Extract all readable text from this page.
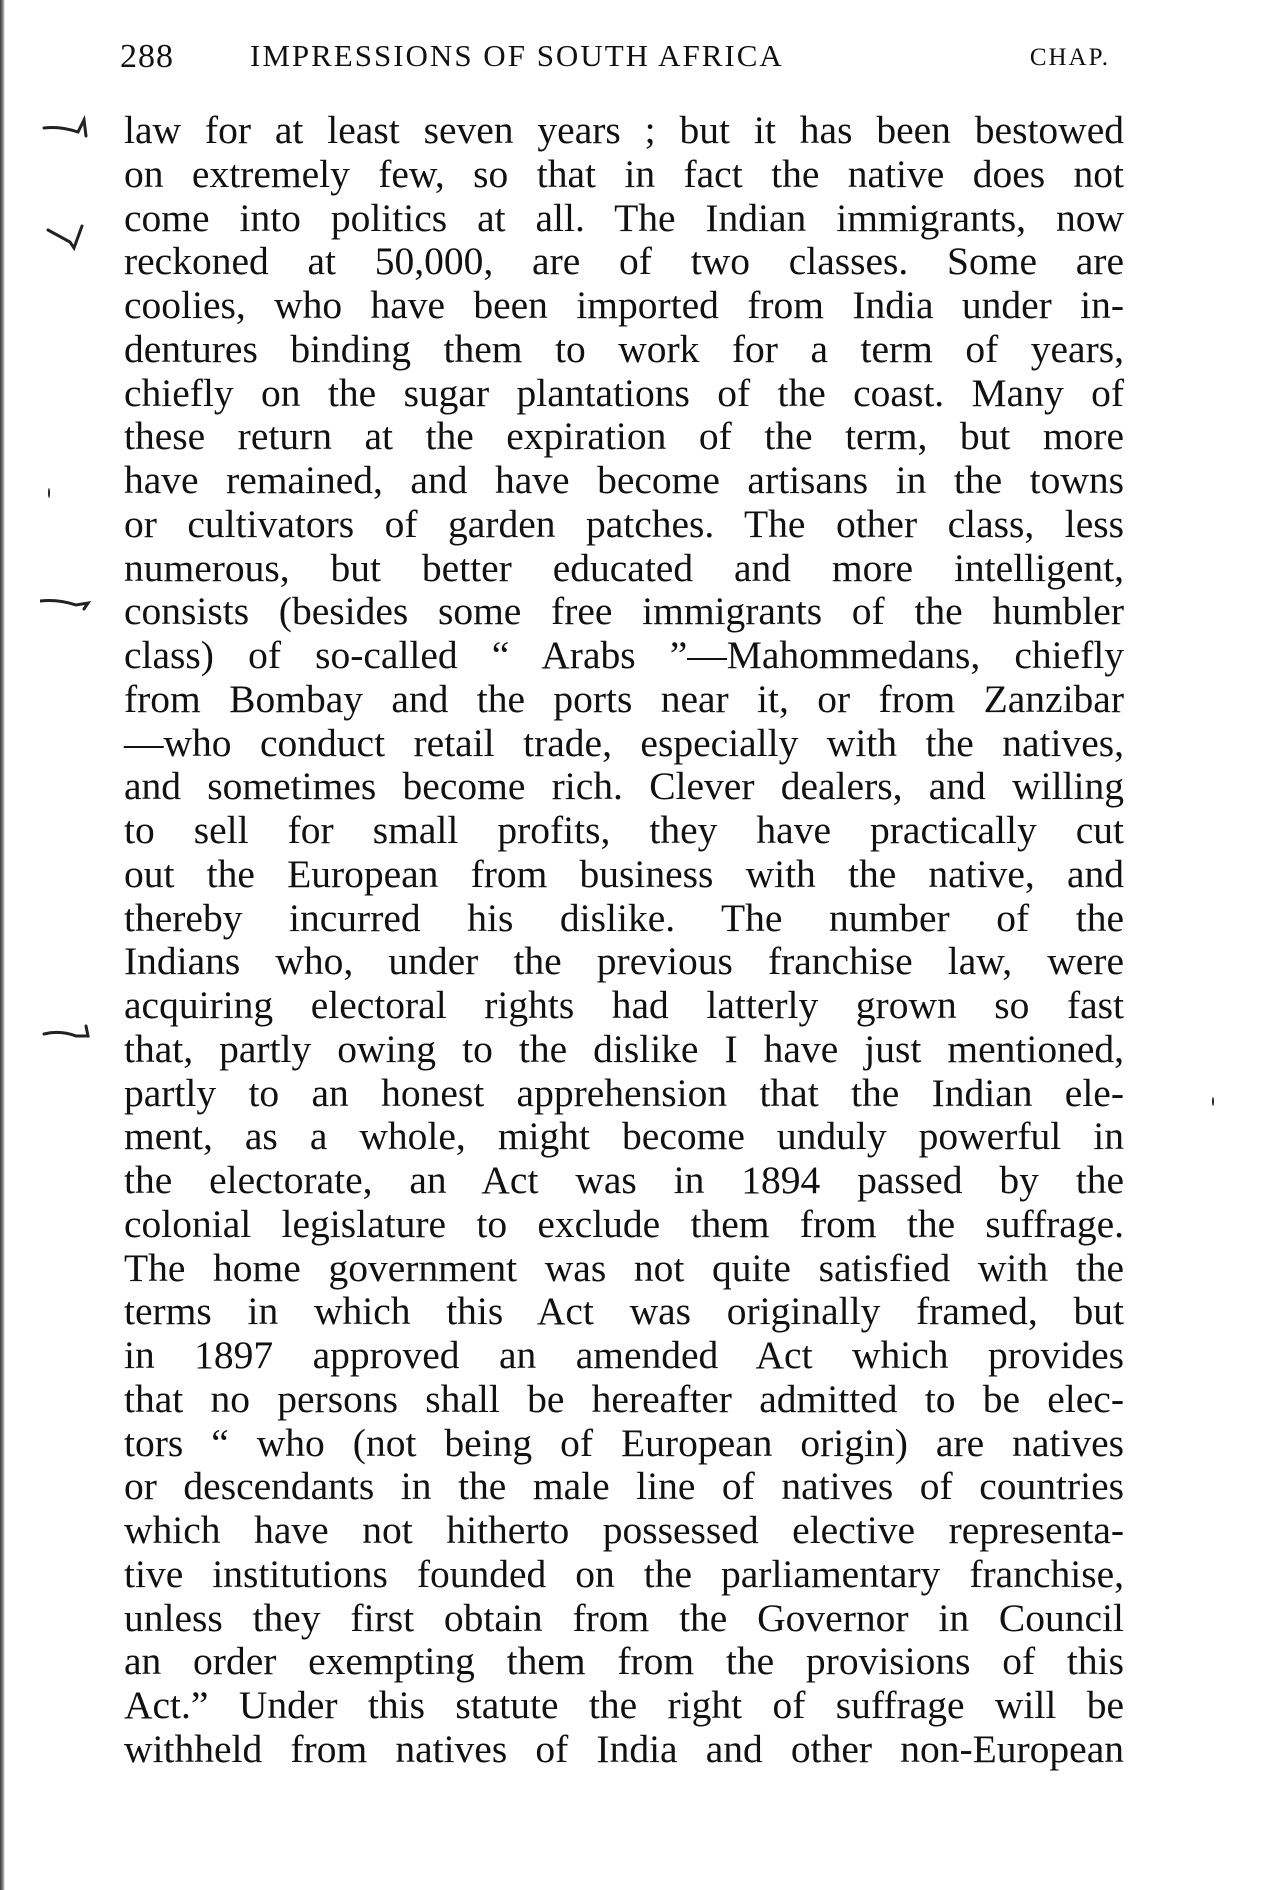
288 IMPRESSIONS OF SOUTH AFRICA	CHAP.
law for at least seven years ; but it has been bestowed
on extremely few, so that in fact the native does not
come into politics at all. The Indian immigrants, now
reckoned at 50,000, are of two classes. Some are
coolies, who have been imported from India under in-
dentures binding them to work for a term of years,
chiefly on the sugar plantations of the coast. Many of
these return at the expiration of the term, but more
have remained, and have become artisans in the towns
or cultivators of garden patches. The other class, less
numerous, but better educated and more intelligent,
consists (besides some free immigrants of the humbler
class) of so-called “ Arabs ”—Mahommedans, chiefly
from Bombay and the ports near it, or from Zanzibar
—who conduct retail trade, especially with the natives,
and sometimes become rich. Clever dealers, and willing
to sell for small profits, they have practically cut
out the European from business with the native, and
thereby incurred his dislike. The number of the
Indians who, under the previous franchise law, were
acquiring electoral rights had latterly grown so fast
that, partly owing to the dislike I have just mentioned,
partly to an honest apprehension that the Indian ele-
ment, as a whole, might become unduly powerful in
the electorate, an Act was in 1894 passed by the
colonial legislature to exclude them from the suffrage.
The home government was not quite satisfied with the
terms in which this Act was originally framed, but
in 1897 approved an amended Act which provides
that no persons shall be hereafter admitted to be elec-
tors “ who (not being of European origin) are natives
or descendants in the male line of natives of countries
which have not hitherto possessed elective representa-
tive institutions founded on the parliamentary franchise,
unless they first obtain from the Governor in Council
an order exempting them from the provisions of this
Act.” Under this statute the right of suffrage will be
withheld from natives of India and other non-European
